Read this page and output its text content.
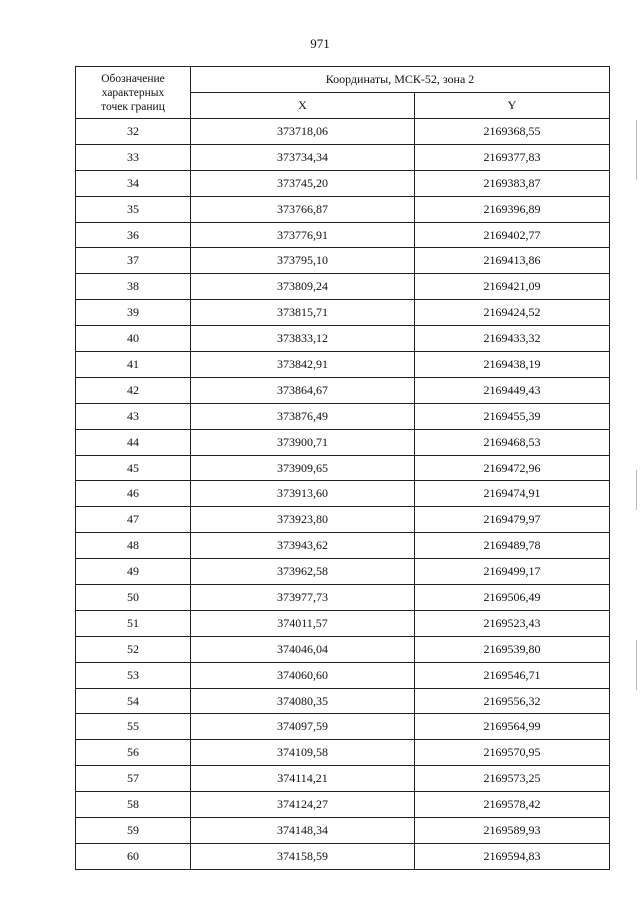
971
Обозначение
характерных
точек границ	Координаты, МСК-52, зона 2	
	X	Y
32	373718,06	2169368,55
33	373734,34	2169377,83
34	373745,20	2169383,87
35	373766,87	2169396,89
36	373776,91	2169402,77
37	373795,10	2169413,86
38	373809,24	2169421,09
39	373815,71	2169424,52
40	373833,12	2169433,32
41	373842,91	2169438,19
42	373864,67	2169449,43
43	373876,49	2169455,39
44	373900,71	2169468,53
45	373909,65	2169472,96
46	373913,60	2169474,91
47	373923,80	2169479,97
48	373943,62	2169489,78
49	373962,58	2169499,17
50	373977,73	2169506,49
51	374011,57	2169523,43
52	374046,04	2169539,80
53	374060,60	2169546,71
54	374080,35	2169556,32
55	374097,59	2169564,99
56	374109,58	2169570,95
57	374114,21	2169573,25
58	374124,27	2169578,42
59	374148,34	2169589,93
60	374158,59	2169594,83
